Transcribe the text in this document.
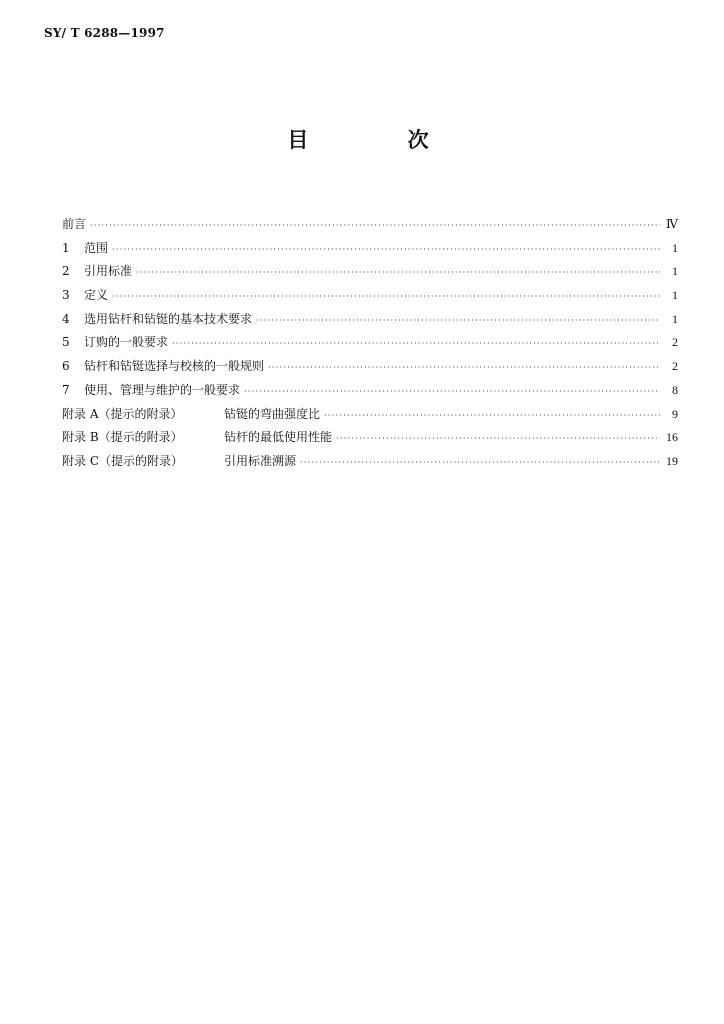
SY/ T 6288—1997
目 次
前言 ·····	Ⅳ
1	范围 ·····	1
2	引用标准 ·····	1
3	定义 ·····	1
4	选用钻杆和钻铤的基本技术要求 ·····	1
5	订购的一般要求 ·····	2
6	钻杆和钻铤选择与校核的一般规则 ·····	2
7	使用、管理与维护的一般要求 ·····	8
附录 A（提示的附录）	钻铤的弯曲强度比 ·····	9
附录 B（提示的附录）	钻杆的最低使用性能 ·····	16
附录 C（提示的附录）	引用标准溯源 ·····	19
